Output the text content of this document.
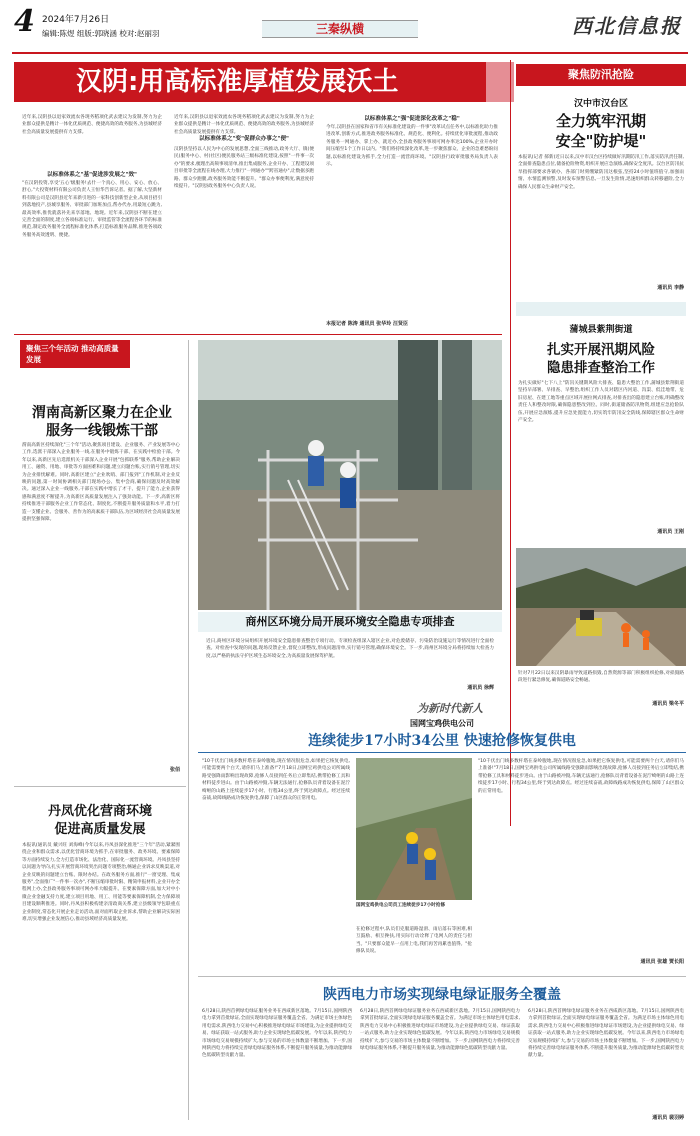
4 2024年7月26日
编辑:陈煜 组版:郭晓涵 校对:赵丽羽	三秦纵横	西北信息报
汉阴:用高标准厚植发展沃土
近年来,汉阴县以退家效流农各现务稻项化武去建议为发制,努力为企业群众提供是精计一体化优质规范、便捷高效的政务服务,为县城经济社会高质量发展提供有力支撑。
以标准体系之"基"促进涉发展之"效"
"在汉阴投资,享受'五心'级服务!去什一个真心、用心、安心、放心、舒心,"大投资材料有限公司负责人王恒华告诉记者。据了解,大坚新材料有限公司是汉阴县近年来新引进的一家科技创新型企业,从项目招引到落地投产,县城享服务、审批部门加班加点,帮办代办,用最短心跳为,最高效率,推优就落补先来享落地、地现。近年来,汉阴县不断在建立完善全面的制度,建立各项标准运行、审批监管等全流程各环节的标准规范,制定政务服务全流程标准化体系,打造标准服务品牌,推进各项政务服务高效透明、便捷。
近年来,汉阴县以退家效流农各现务稻项化武去建议为发制,努力为企业群众提供是精计一体化优质规范、便捷高效的政务服务,为县城经济社会高质量发展提供有力支撑。
以标准体系之"变"促群众办事之"便"
汉阴县坚持以人民为中心的发展思想,全面三线推动,政务大厅、镇(便民)服务中心、村(社区)便民服务站三级标准化建设,按照"一件事一次办"的要求,梳理出高频事项清单,推出集成服务,企业开办、工程建设项目审批等全流程在线办理,大力推行"一网通办""跨省通办",让数据多跑路、群众少跑腿,政务服务效能不断提升。"群众办事便利度,满意度持续提升。"汉阴县政务服务中心负责人说。
以标准体系之"强"促进深化改革之"稳"
今年,汉阴县在国家和省市有关标准化建设的一件事"改革试点任务中,以标准化助力推进改革,创新方式,推进政务服务标准化、规范化、便利化。持续优化审批流程,推动政务服务一网通办、掌上办、就近办,全县政务服务事项可网办率达100%,企业开办时间压缩至1个工作日以内。"我们将持续深化改革,进一步聚焦群众、企业的急难愁盼问题,以标准化建设为抓手,全力打造一流营商环境。"汉阴县行政审批服务局负责人表示。
本报记者 陈涛 通讯员 张华玲 汪贤臣
聚焦防汛抢险
汉中市汉台区
全力筑牢汛期
安全"防护堤"
本报讯(记者 郝新)近日以来,汉中市汉台区持续做好汛期防汛工作,落实防汛责任制,全面排查隐患点位,储备抢险物资,组织开展应急演练,确保安全度汛。汉台区防汛抗旱指挥部要求各镇办、各部门时刻绷紧防汛这根弦,坚持24小时值班值守,加强雨情、水情监测预警,及时发布预警信息,一旦发生险情,迅速组织群众转移避险,全力确保人民群众生命财产安全。
通讯员 李静
蒲城县紫荆街道
扎实开展汛期风险
隐患排查整治工作
为扎实做好"七下八上"防汛关键期风险大排查、隐患大整治工作,蒲城县紫荆街道坚持早部署、早排查、早整治,组织工作人员对辖区内河道、沟渠、低洼地带、危旧房屋、在建工地等重点区域开展拉网式排查,对排查出的隐患建立台账,明确整改责任人和整改时限,确保隐患整改到位。同时,街道储备防汛物资,组建应急抢险队伍,开展应急演练,提升应急处置能力,切实筑牢防汛安全防线,保障辖区群众生命财产安全。
通讯员 王刚
针对7月22日以来汉阴暴雨导致道路损毁,自然资源等部门积极组织抢修,对损毁路段进行紧急修复,确保道路安全畅通。
通讯员 梁冬平
聚焦三个年活动 推动高质量发展
渭南高新区聚力在企业
服务一线锻炼干部
渭南高新区持续深化"三个年"活动,聚焦项目建设、企业服务、产业发展等中心工作,选派干部深入企业服务一线,在服务中锻炼干部、在实践中检验干部。今年以来,高新区先后选派机关干部深入企业开展"包抓联系"服务,帮助企业解决用工、融资、用地、审批等方面困难和问题,建立问题台账,实行销号管理,切实为企业排忧解难。同时,高新区建立"企业吹哨、部门报到"工作机制,对企业反映的问题,第一时间协调相关部门现场办公、集中会商,确保问题及时高效解决。通过深入企业一线服务,干部在实践中增长了才干、提升了能力,企业获得感和满意度不断提升,为高新区高质量发展注入了强劲动能。下一步,高新区将持续推进干部服务企业工作常态化、制度化,不断提升服务质量和水平,着力打造一支懂企业、会服务、善作为的高素质干部队伍,为区域经济社会高质量发展提供坚强保障。
张佰
商州区环境分局开展环境安全隐患专项排查
近日,商州区环境分局组织开展环境安全隐患排查整治专项行动。专项检查组深入辖区企业,对危废储存、污染防治设施运行等情况进行全面检查。对检查中发现的问题,现场反馈企业,督促立即整改,形成问题清单,实行销号管理,确保环境安全。下一步,商州区环境分局将持续加大检查力度,以严格的执法守护区域生态环境安全,为高质量发展保驾护航。
通讯员 徐辉
为新时代新人
国网宝鸡供电公司
连续徒步17小时34公里 快速抢修恢复供电
"10千伏出门线多数杆塔在泰岭腹地,现在情况很危急,如果把它恢复供电,可能需要两个白天,请你们马上准备!"7月18日,国网宝鸡供电公司所属线路受强降雨影响出现故障,抢修人员接到任务后立即集结,携带抢修工具和材料徒步进山。由于山路被冲毁,车辆无法通行,抢修队员背着设备在泥泞崎岖的山路上连续徒步17小时、行程34公里,终于到达故障点。经过连续奋战,故障线路成功恢复供电,保障了山区群众的正常用电。
国网宝鸡供电公司员工连续徒步17小时抢修
在抢修过程中,队员们克服道路湿滑、雨后落石等困难,相互鼓励、相互搀扶,用实际行动诠释了电网人的责任与担当。"只要群众能早一点用上电,我们再苦再累也值得。"抢修队员说。
"10千伏出门线多数杆塔在泰岭腹地,现在情况很危急,如果把它恢复供电,可能需要两个白天,请你们马上准备!"7月18日,国网宝鸡供电公司所属线路受强降雨影响出现故障,抢修人员接到任务后立即集结,携带抢修工具和材料徒步进山。由于山路被冲毁,车辆无法通行,抢修队员背着设备在泥泞崎岖的山路上连续徒步17小时、行程34公里,终于到达故障点。经过连续奋战,故障线路成功恢复供电,保障了山区群众的正常用电。
通讯员 张雄 贾长阳
丹凤优化营商环境
促进高质量发展
本报讯(通讯员 戴兴旺 刘海峰)今年以来,丹凤县深化推进"三个年"活动,紧紧围绕企业和群众需求,以优化营商环境为抓手,在审批服务、政务环境、要素保障等方面持续发力,全力打造市场化、法治化、国际化一流营商环境。丹凤县坚持以问题为导向,扎实开展营商环境突出问题专项整治,畅通企业诉求反映渠道,对企业反映的问题建立台账、限时办结。在政务服务方面,推行"一窗受理、集成服务",全面推广"一件事一次办",不断压缩审批时限、精简申报材料,企业开办全程网上办,全县政务服务事项可网办率大幅提升。在要素保障方面,加大对中小微企业金融支持力度,建立项目用地、用工、用能等要素保障机制,全力保障项目建设顺利推进。同时,丹凤县积极构建亲清政商关系,建立县级领导包联重点企业制度,常态化开展企业走访活动,面对面听取企业诉求,帮助企业解决实际困难,切实增强企业发展信心,推动县域经济高质量发展。
陕西电力市场实现绿电绿证服务全覆盖
6月28日,陕西首例绿电绿证服务业务在西咸新区落地。7月15日,国网陕西电力拿到首批绿证,全面实现绿电绿证服务覆盖全省。为满足市场主体绿色用电需求,陕西电力交易中心积极推进绿电绿证市场建设,为企业提供绿电交易、绿证获取一站式服务,助力企业实现绿色低碳发展。今年以来,陕西电力市场绿电交易规模持续扩大,参与交易的市场主体数量不断增加。下一步,国网陕西电力将持续完善绿电绿证服务体系,不断提升服务质量,为推动能源绿色低碳转型贡献力量。
6月28日,陕西首例绿电绿证服务业务在西咸新区落地。7月15日,国网陕西电力拿到首批绿证,全面实现绿电绿证服务覆盖全省。为满足市场主体绿色用电需求,陕西电力交易中心积极推进绿电绿证市场建设,为企业提供绿电交易、绿证获取一站式服务,助力企业实现绿色低碳发展。今年以来,陕西电力市场绿电交易规模持续扩大,参与交易的市场主体数量不断增加。下一步,国网陕西电力将持续完善绿电绿证服务体系,不断提升服务质量,为推动能源绿色低碳转型贡献力量。
6月28日,陕西首例绿电绿证服务业务在西咸新区落地。7月15日,国网陕西电力拿到首批绿证,全面实现绿电绿证服务覆盖全省。为满足市场主体绿色用电需求,陕西电力交易中心积极推进绿电绿证市场建设,为企业提供绿电交易、绿证获取一站式服务,助力企业实现绿色低碳发展。今年以来,陕西电力市场绿电交易规模持续扩大,参与交易的市场主体数量不断增加。下一步,国网陕西电力将持续完善绿电绿证服务体系,不断提升服务质量,为推动能源绿色低碳转型贡献力量。
通讯员 裴羽婷
